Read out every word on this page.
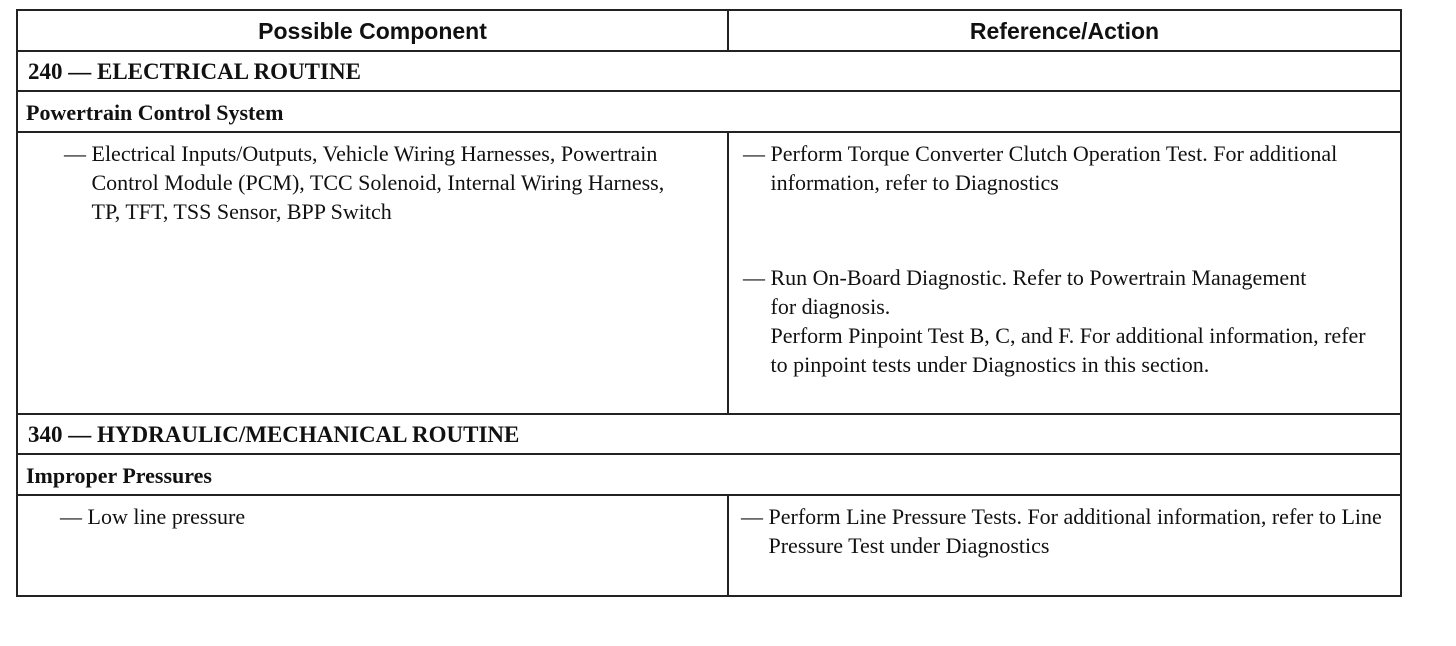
Possible Component	Reference/Action
240 — ELECTRICAL ROUTINE
Powertrain Control System
—
Electrical Inputs/Outputs, Vehicle Wiring Harnesses, Powertrain Control Module (PCM), TCC Solenoid, Internal Wiring Harness, TP, TFT, TSS Sensor, BPP Switch
—
Perform Torque Converter Clutch Operation Test. For additional information, refer to Diagnostics
—
Run On-Board Diagnostic. Refer to Powertrain Management for diagnosis.

Perform Pinpoint Test B, C, and F. For additional information, refer to pinpoint tests under Diagnostics in this section.

340 — HYDRAULIC/MECHANICAL ROUTINE
Improper Pressures
—
Low line pressure	—
Perform Line Pressure Tests. For additional information, refer to Line Pressure Test under Diagnostics
